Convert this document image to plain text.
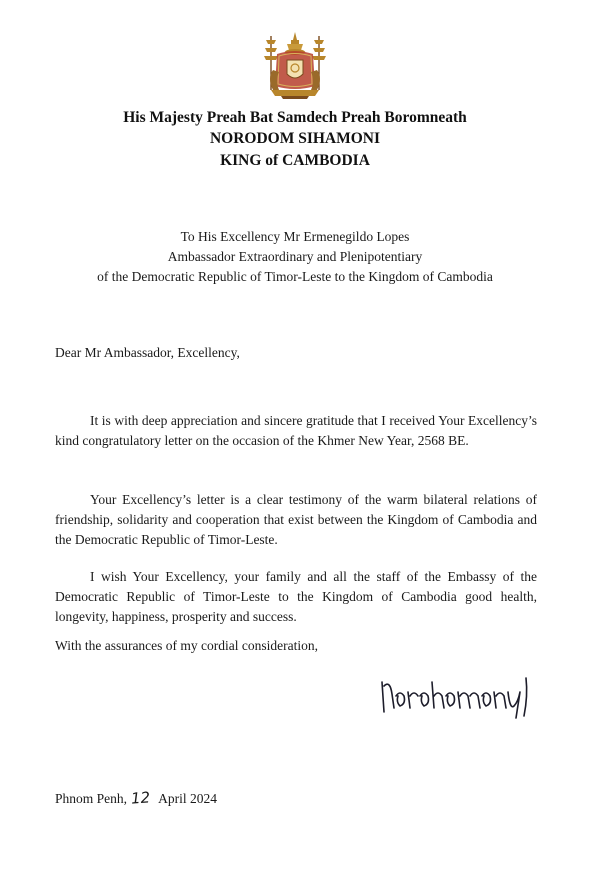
His Majesty Preah Bat Samdech Preah Boromneath
NORODOM SIHAMONI
KING of CAMBODIA
To His Excellency Mr Ermenegildo Lopes
Ambassador Extraordinary and Plenipotentiary
of the Democratic Republic of Timor-Leste to the Kingdom of Cambodia
Dear Mr Ambassador, Excellency,

It is with deep appreciation and sincere gratitude that I received Your Excellency’s kind congratulatory letter on the occasion of the Khmer New Year, 2568 BE.

Your Excellency’s letter is a clear testimony of the warm bilateral relations of friendship, solidarity and cooperation that exist between the Kingdom of Cambodia and the Democratic Republic of Timor-Leste.

I wish Your Excellency, your family and all the staff of the Embassy of the Democratic Republic of Timor-Leste to the Kingdom of Cambodia good health, longevity, happiness, prosperity and success.

With the assurances of my cordial consideration,
Phnom Penh, 12 April 2024
